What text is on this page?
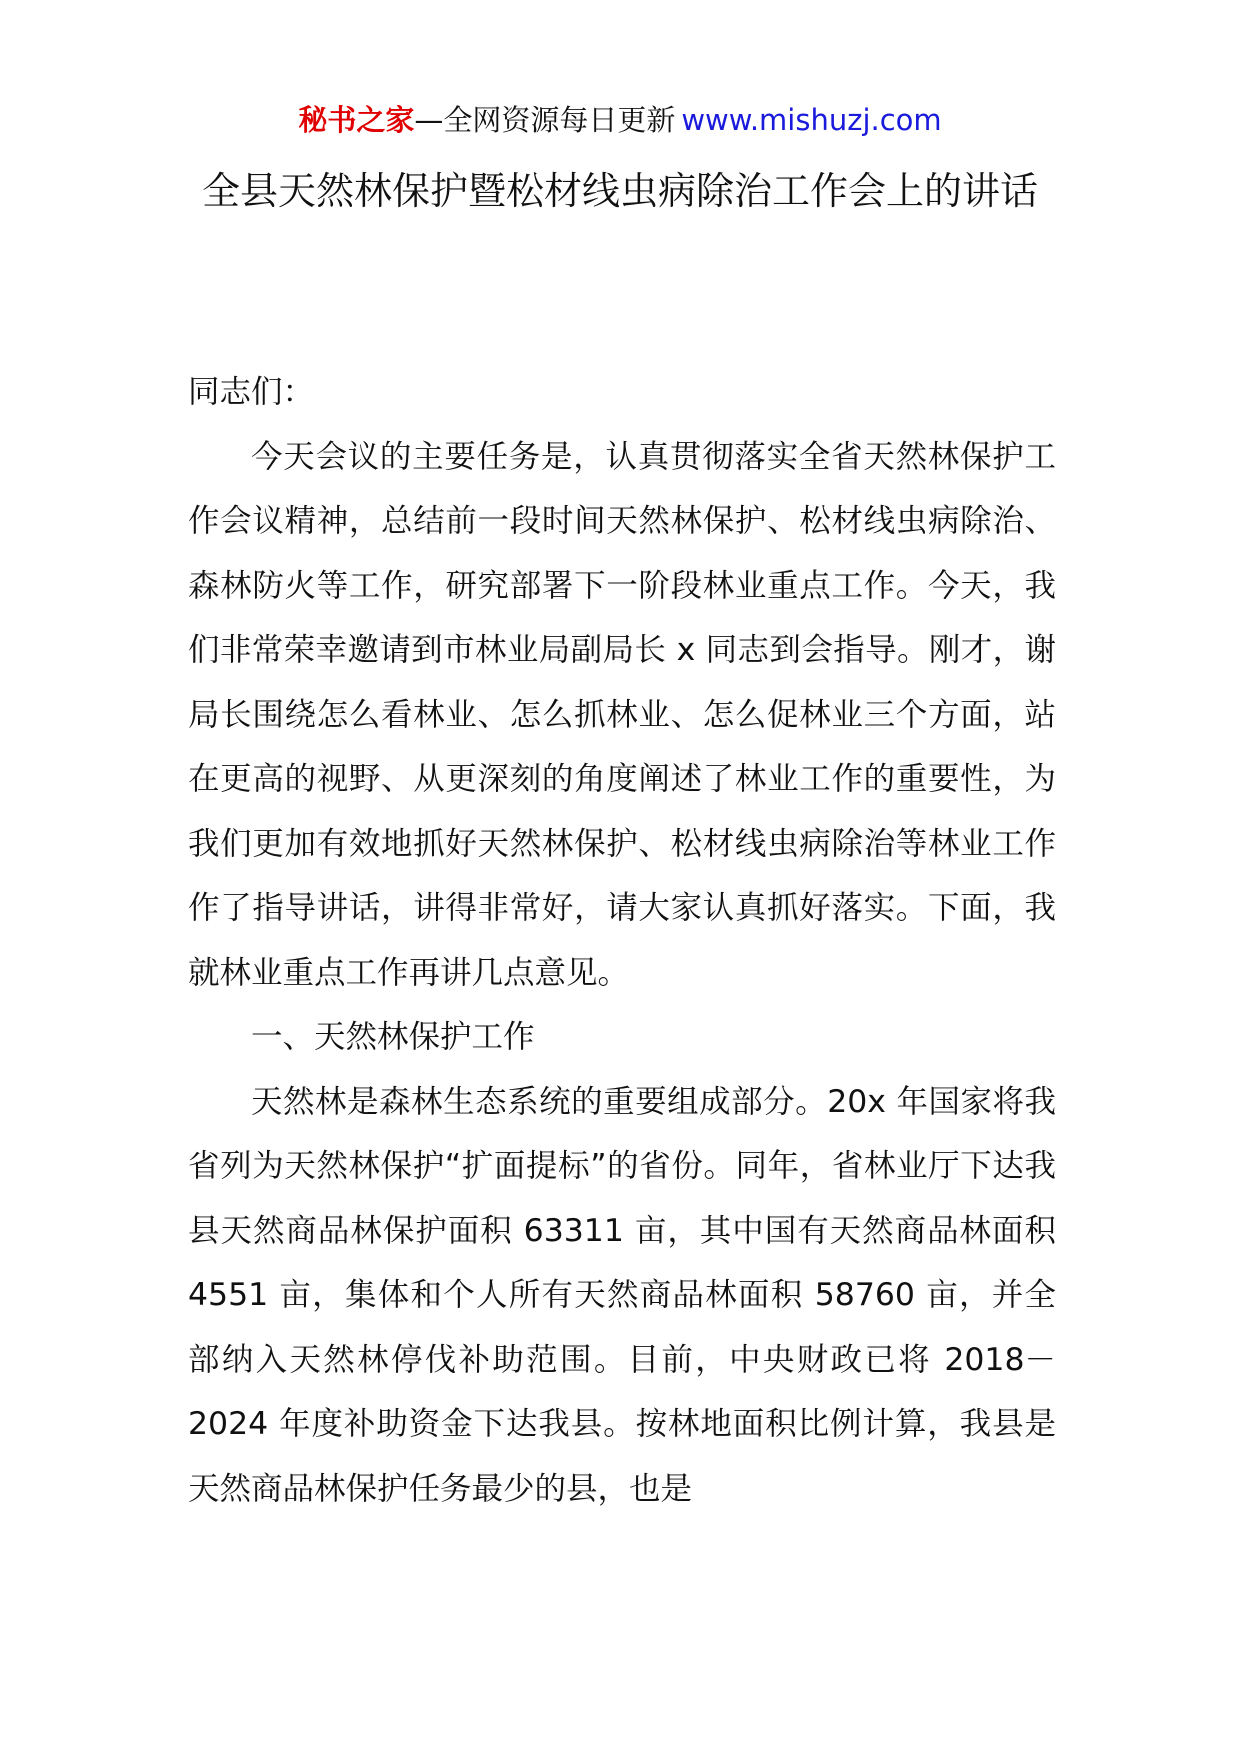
秘书之家—全网资源每日更新 www.mishuzj.com
全县天然林保护暨松材线虫病除治工作会上的讲话

同志们：

今天会议的主要任务是，认真贯彻落实全省天然林保护工作会议精神，总结前一段时间天然林保护、松材线虫病除治、森林防火等工作，研究部署下一阶段林业重点工作。今天，我们非常荣幸邀请到市林业局副局长 x 同志到会指导。刚才，谢局长围绕怎么看林业、怎么抓林业、怎么促林业三个方面，站在更高的视野、从更深刻的角度阐述了林业工作的重要性，为我们更加有效地抓好天然林保护、松材线虫病除治等林业工作作了指导讲话，讲得非常好，请大家认真抓好落实。下面，我就林业重点工作再讲几点意见。

一、天然林保护工作

天然林是森林生态系统的重要组成部分。20x 年国家将我省列为天然林保护“扩面提标”的省份。同年，省林业厅下达我县天然商品林保护面积 63311 亩，其中国有天然商品林面积 4551 亩，集体和个人所有天然商品林面积 58760 亩，并全部纳入天然林停伐补助范围。目前，中央财政已将 2018－2024 年度补助资金下达我县。按林地面积比例计算，我县是天然商品林保护任务最少的县，也是
